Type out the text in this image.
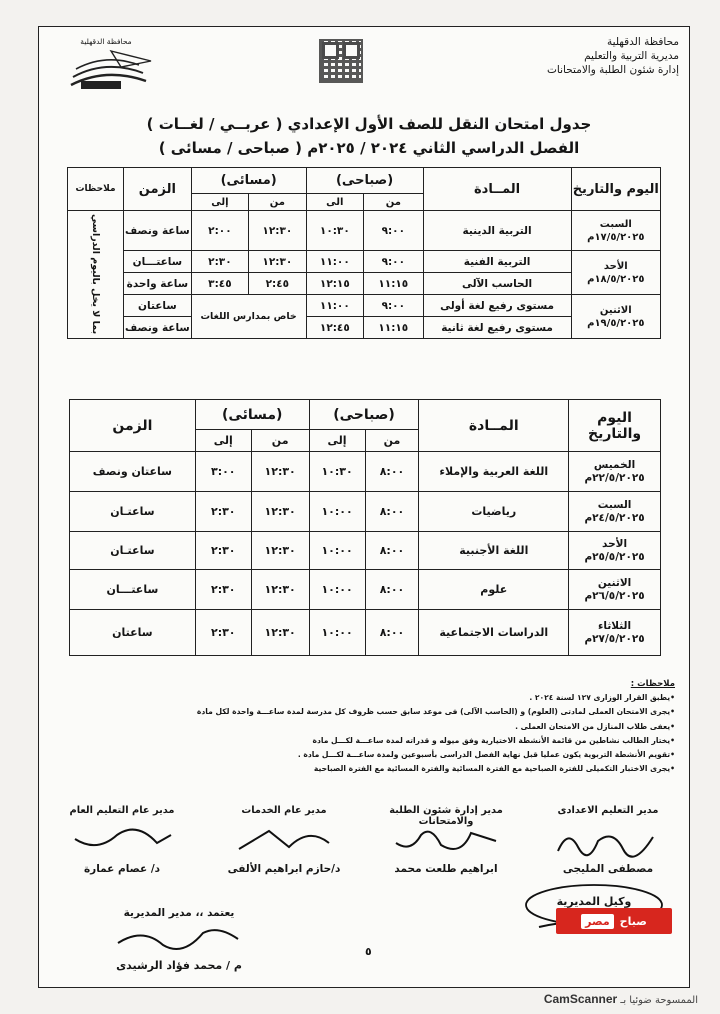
محافظة الدقهلية
مديرية التربية والتعليم
إدارة شئون الطلبة والامتحانات
محافظة الدقهلية
جدول امتحان النقل للصف الأول الإعدادي ( عربــي / لغــات )
الفصل الدراسي الثاني ٢٠٢٤ / ٢٠٢٥م ( صباحى / مسائى )
اليوم والتاريخ	المــادة	(صباحى)		(مسائى)		الزمن	ملاحظات
		من	الى	من	إلى		

السبت
١٧/٥/٢٠٢٥م	التربية الدينية	٩:٠٠	١٠:٣٠	١٢:٣٠	٢:٠٠	ساعة ونصف	بما لا يخل باليوم الدراسي

الأحد
١٨/٥/٢٠٢٥م	التربية الفنية	٩:٠٠	١١:٠٠	١٢:٣٠	٢:٣٠	ساعتـــان	
	الحاسب الآلى	١١:١٥	١٢:١٥	٢:٤٥	٣:٤٥	ساعة واحدة	

الاثنين
١٩/٥/٢٠٢٥م	مستوى رفيع لغة أولى	٩:٠٠	١١:٠٠	خاص بمدارس اللغات		ساعتان	
	مستوى رفيع لغة ثانية	١١:١٥	١٢:٤٥			ساعة ونصف	
اليوم والتاريخ	المــادة	(صباحى)		(مسائى)		الزمن
		من	إلى	من	إلى	

الخميس
٢٢/٥/٢٠٢٥م	اللغة العربية والإملاء	٨:٠٠	١٠:٣٠	١٢:٣٠	٣:٠٠	ساعتان ونصف

السبت
٢٤/٥/٢٠٢٥م	رياضيات	٨:٠٠	١٠:٠٠	١٢:٣٠	٢:٣٠	ساعتـان

الأحد
٢٥/٥/٢٠٢٥م	اللغة الأجنبية	٨:٠٠	١٠:٠٠	١٢:٣٠	٢:٣٠	ساعتـان

الاثنين
٢٦/٥/٢٠٢٥م	علوم	٨:٠٠	١٠:٠٠	١٢:٣٠	٢:٣٠	ساعتـــان

الثلاثاء
٢٧/٥/٢٠٢٥م	الدراسات الاجتماعية	٨:٠٠	١٠:٠٠	١٢:٣٠	٢:٣٠	ساعتان
ملاحظات :

• يطبق القرار الوزارى ١٢٧ لسنة ٢٠٢٤ .

• يجرى الامتحان العملى لمادتى (العلوم) و (الحاسب الآلى) فى موعد سابق حسب ظروف كل مدرسة لمدة ساعـــة واحدة لكل مادة

• يعفى طلاب المنازل من الامتحان العملى .

• يختار الطالب نشاطين من قائمة الأنشطة الاختيارية وفق ميوله و قدراته لمدة ساعـــة لكـــل مادة

• تقويم الأنشطة التربوية يكون عمليا قبل نهاية الفصل الدراسى بأسبوعين ولمدة ساعـــة لكـــل مادة .

• يجرى الاختبار التكميلى للفترة الصباحية مع الفترة المسائية والفترة المسائية مع الفترة الصباحية

مدير التعليم الاعدادى
مصطفى المليجى
مدير إدارة شئون الطلبة والامتحانات
ابراهيم طلعت محمد
مدير عام الخدمات
د/حازم ابراهيم الألفى
مدير عام التعليم العام
د/ عصام عمارة
وكيل المديرية
يعتمد ،، مدير المديرية
م / محمد فؤاد الرشيدى
٥
صباح
مصر
الممسوحة ضوئيا بـ CamScanner
